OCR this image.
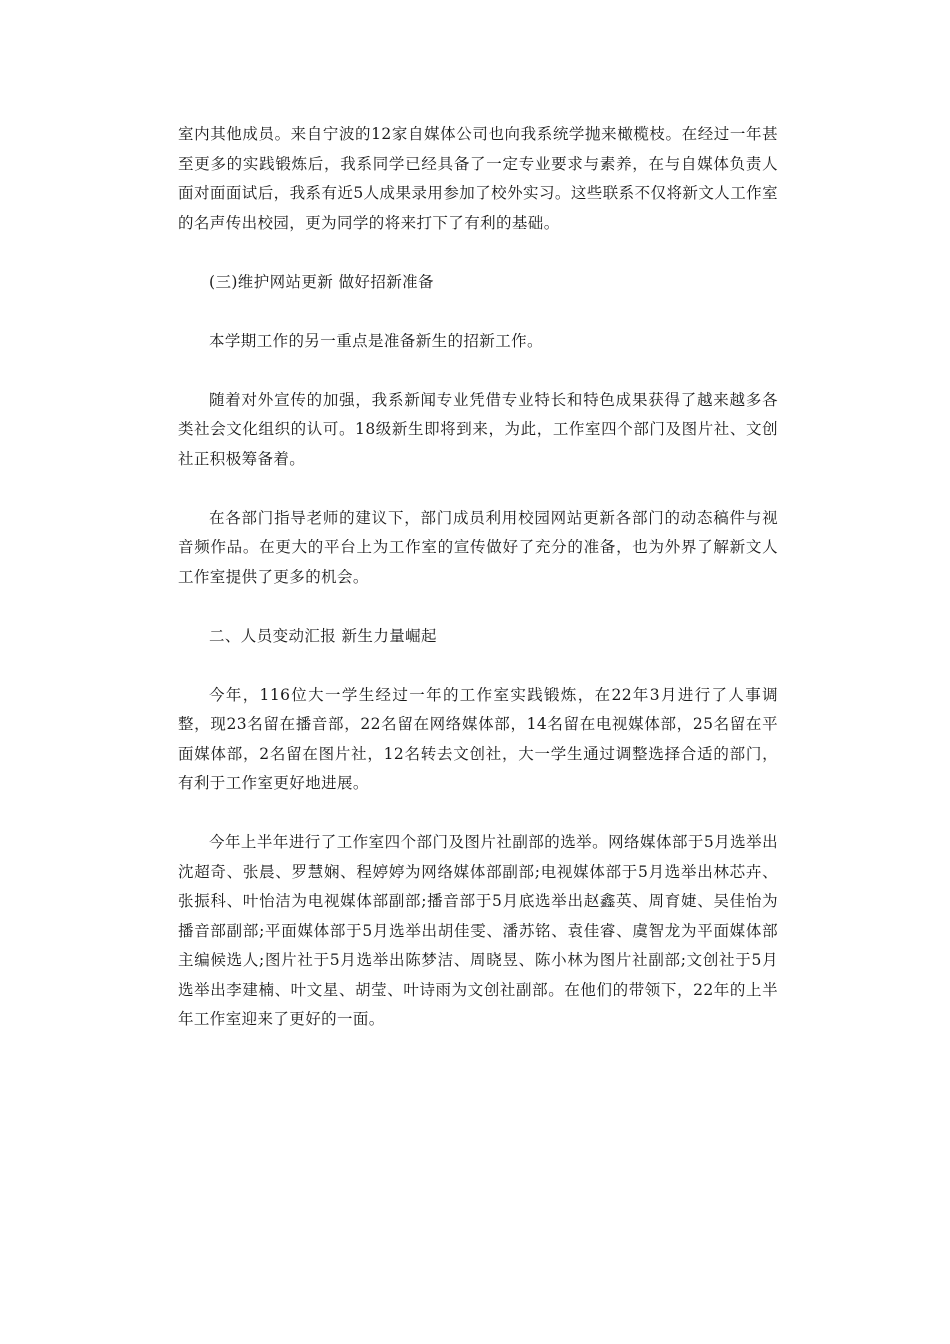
室内其他成员。来自宁波的12家自媒体公司也向我系统学抛来橄榄枝。在经过一年甚至更多的实践锻炼后，我系同学已经具备了一定专业要求与素养，在与自媒体负责人面对面面试后，我系有近5人成果录用参加了校外实习。这些联系不仅将新文人工作室的名声传出校园，更为同学的将来打下了有利的基础。

(三)维护网站更新 做好招新准备

本学期工作的另一重点是准备新生的招新工作。

随着对外宣传的加强，我系新闻专业凭借专业特长和特色成果获得了越来越多各类社会文化组织的认可。18级新生即将到来，为此，工作室四个部门及图片社、文创社正积极筹备着。

在各部门指导老师的建议下，部门成员利用校园网站更新各部门的动态稿件与视音频作品。在更大的平台上为工作室的宣传做好了充分的准备，也为外界了解新文人工作室提供了更多的机会。

二、人员变动汇报 新生力量崛起

今年，116位大一学生经过一年的工作室实践锻炼，在22年3月进行了人事调整，现23名留在播音部，22名留在网络媒体部，14名留在电视媒体部，25名留在平面媒体部，2名留在图片社，12名转去文创社，大一学生通过调整选择合适的部门，有利于工作室更好地进展。

今年上半年进行了工作室四个部门及图片社副部的选举。网络媒体部于5月选举出沈超奇、张晨、罗慧娴、程婷婷为网络媒体部副部;电视媒体部于5月选举出林芯卉、张振科、叶怡洁为电视媒体部副部;播音部于5月底选举出赵鑫英、周育婕、吴佳怡为播音部副部;平面媒体部于5月选举出胡佳雯、潘苏铭、袁佳睿、虞智龙为平面媒体部主编候选人;图片社于5月选举出陈梦洁、周晓昱、陈小林为图片社副部;文创社于5月选举出李建楠、叶文星、胡莹、叶诗雨为文创社副部。在他们的带领下，22年的上半年工作室迎来了更好的一面。
